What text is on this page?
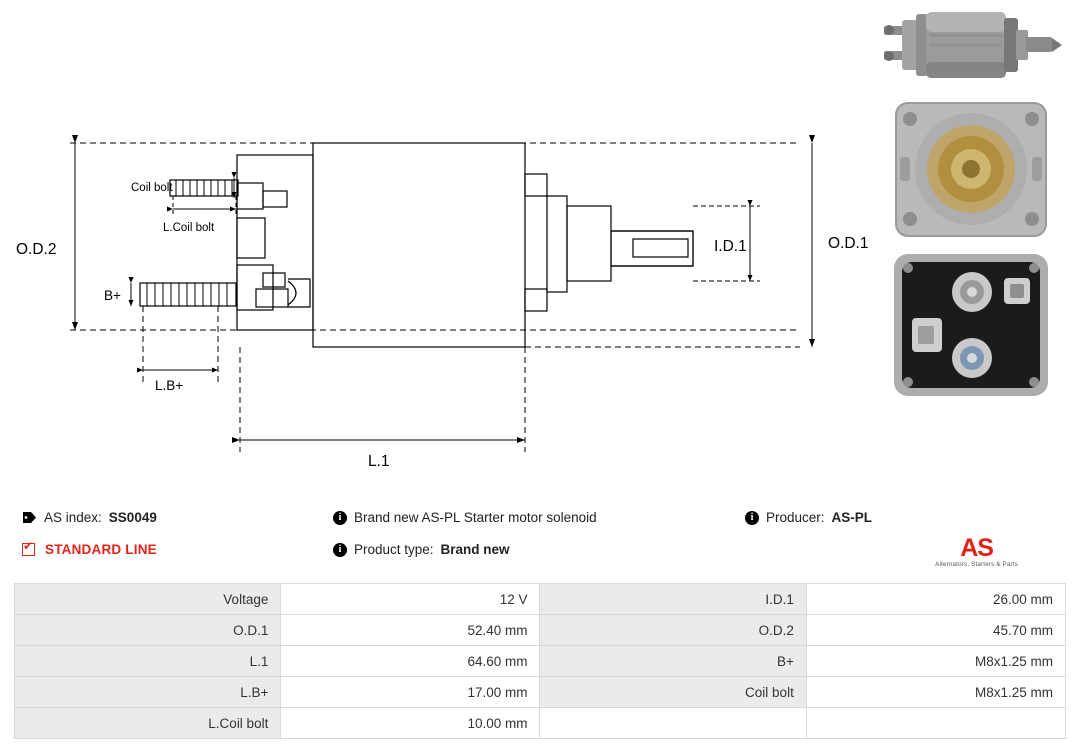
O.D.2	O.D.1
I.D.1
L.1
L.B+
B+
Coil bolt
L.Coil bolt
AS index: SS0049	i Brand new AS-PL Starter motor solenoid	i Producer: AS-PL
✔
STANDARD LINE	i Product type: Brand new	AS
Alternators, Starters & Parts
Voltage	12 V	I.D.1	26.00 mm
O.D.1	52.40 mm	O.D.2	45.70 mm
L.1	64.60 mm	B+	M8x1.25 mm
L.B+	17.00 mm	Coil bolt	M8x1.25 mm
L.Coil bolt	10.00 mm		
